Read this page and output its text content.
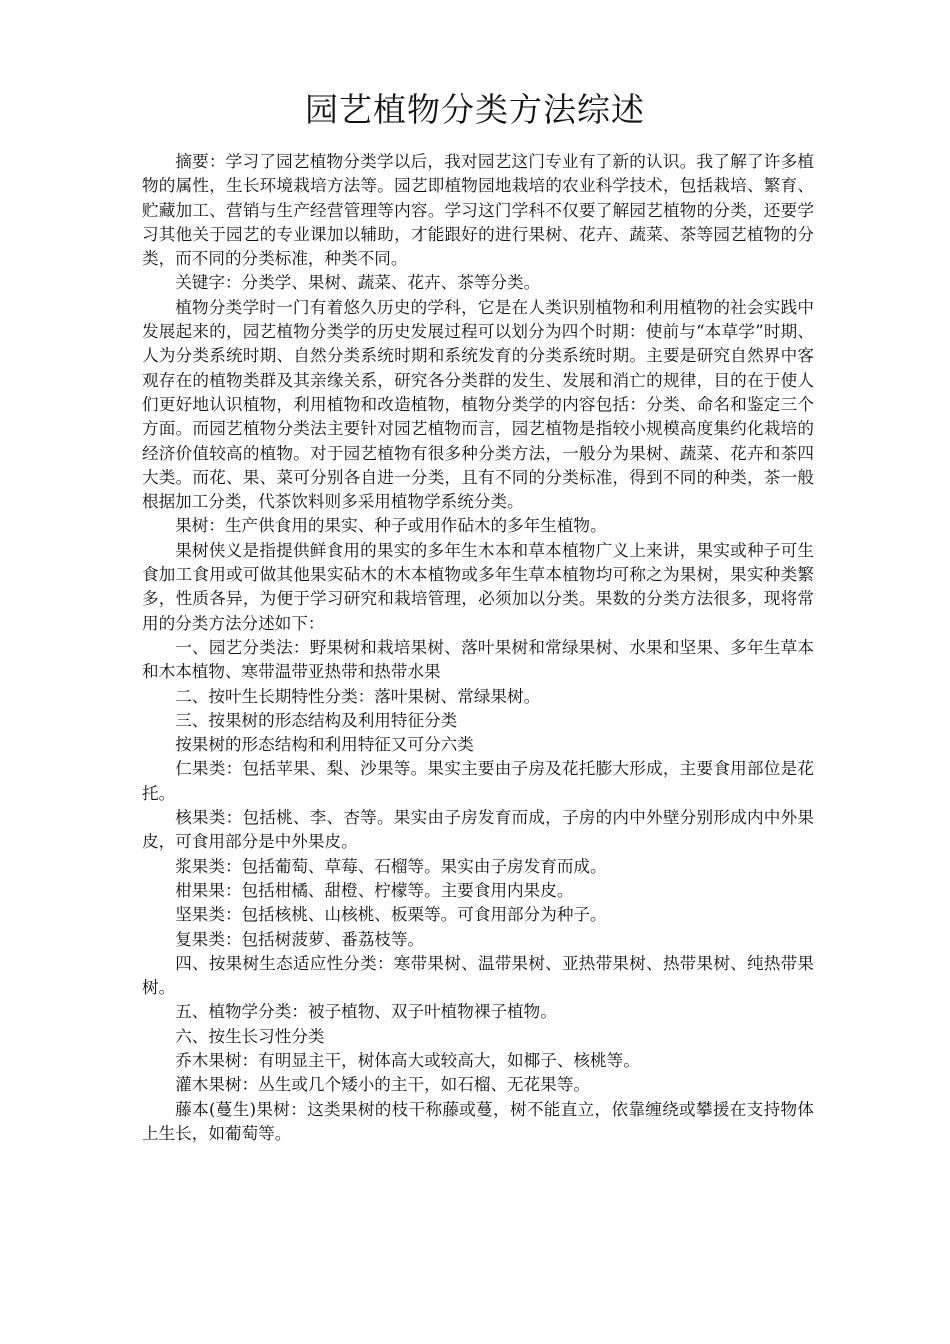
园艺植物分类方法综述

摘要：学习了园艺植物分类学以后，我对园艺这门专业有了新的认识。我了解了许多植物的属性，生长环境栽培方法等。园艺即植物园地栽培的农业科学技术，包括栽培、繁育、贮藏加工、营销与生产经营管理等内容。学习这门学科不仅要了解园艺植物的分类，还要学习其他关于园艺的专业课加以辅助，才能跟好的进行果树、花卉、蔬菜、茶等园艺植物的分类，而不同的分类标准，种类不同。

关键字：分类学、果树、蔬菜、花卉、茶等分类。

植物分类学时一门有着悠久历史的学科，它是在人类识别植物和利用植物的社会实践中发展起来的，园艺植物分类学的历史发展过程可以划分为四个时期：使前与“本草学”时期、人为分类系统时期、自然分类系统时期和系统发育的分类系统时期。主要是研究自然界中客观存在的植物类群及其亲缘关系，研究各分类群的发生、发展和消亡的规律，目的在于使人们更好地认识植物，利用植物和改造植物，植物分类学的内容包括：分类、命名和鉴定三个方面。而园艺植物分类法主要针对园艺植物而言，园艺植物是指较小规模高度集约化栽培的经济价值较高的植物。对于园艺植物有很多种分类方法，一般分为果树、蔬菜、花卉和茶四大类。而花、果、菜可分别各自进一分类，且有不同的分类标准，得到不同的种类，茶一般根据加工分类，代茶饮料则多采用植物学系统分类。

果树：生产供食用的果实、种子或用作砧木的多年生植物。

果树侠义是指提供鲜食用的果实的多年生木本和草本植物广义上来讲，果实或种子可生食加工食用或可做其他果实砧木的木本植物或多年生草本植物均可称之为果树，果实种类繁多，性质各异，为便于学习研究和栽培管理，必须加以分类。果数的分类方法很多，现将常用的分类方法分述如下：

一、园艺分类法：野果树和栽培果树、落叶果树和常绿果树、水果和坚果、多年生草本和木本植物、寒带温带亚热带和热带水果

二、按叶生长期特性分类：落叶果树、常绿果树。

三、按果树的形态结构及利用特征分类

按果树的形态结构和利用特征又可分六类

仁果类：包括苹果、梨、沙果等。果实主要由子房及花托膨大形成，主要食用部位是花托。

核果类：包括桃、李、杏等。果实由子房发育而成，子房的内中外壁分别形成内中外果皮，可食用部分是中外果皮。

浆果类：包括葡萄、草莓、石榴等。果实由子房发育而成。

柑果果：包括柑橘、甜橙、柠檬等。主要食用内果皮。

坚果类：包括核桃、山核桃、板栗等。可食用部分为种子。

复果类：包括树菠萝、番荔枝等。

四、按果树生态适应性分类：寒带果树、温带果树、亚热带果树、热带果树、纯热带果树。

五、植物学分类：被子植物、双子叶植物裸子植物。

六、按生长习性分类

乔木果树：有明显主干，树体高大或较高大，如椰子、核桃等。

灌木果树：丛生或几个矮小的主干，如石榴、无花果等。

藤本(蔓生)果树：这类果树的枝干称藤或蔓，树不能直立，依靠缠绕或攀援在支持物体上生长，如葡萄等。
